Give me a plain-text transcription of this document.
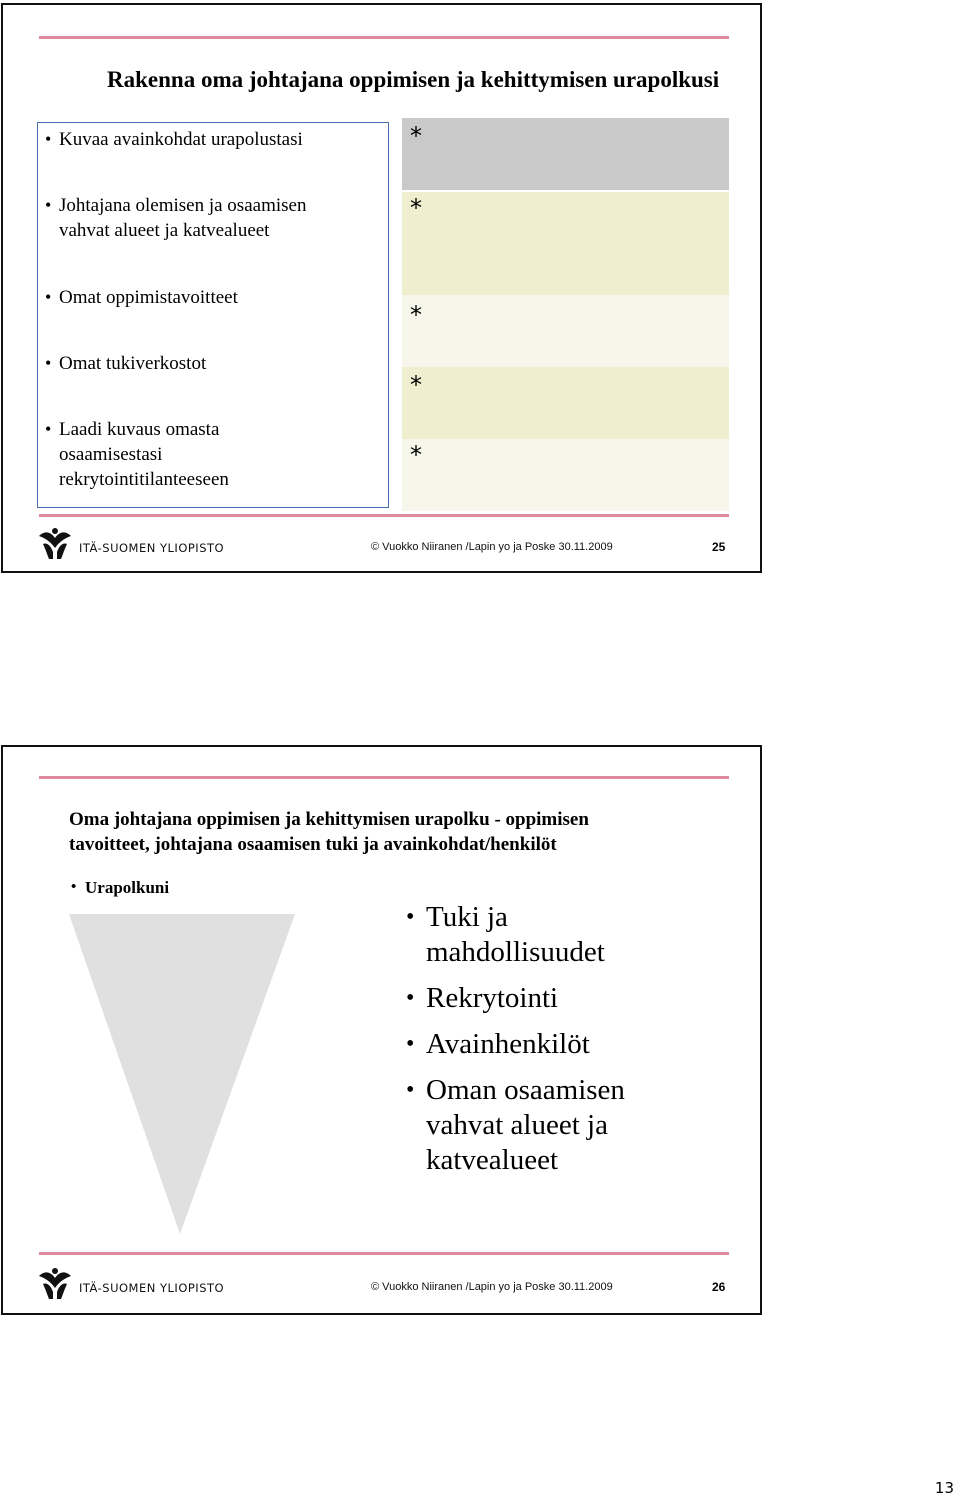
Rakenna oma johtajana oppimisen ja kehittymisen urapolkusi
*
*
*
*
*
• Kuvaa avainkohdat urapolustasi
• Johtajana olemisen ja osaamisen
vahvat alueet ja katvealueet
• Omat oppimistavoitteet
• Omat tukiverkostot
• Laadi kuvaus omasta
osaamisestasi
rekrytointitilanteeseen
ITÄ-SUOMEN YLIOPISTO	© Vuokko Niiranen /Lapin yo ja Poske 30.11.2009	25
Oma johtajana oppimisen ja kehittymisen urapolku - oppimisen
tavoitteet, johtajana osaamisen tuki ja avainkohdat/henkilöt
• Urapolkuni
ITÄ-SUOMEN YLIOPISTO	© Vuokko Niiranen /Lapin yo ja Poske 30.11.2009	26
• Tuki ja
mahdollisuudet
• Rekrytointi
• Avainhenkilöt
• Oman osaamisen
vahvat alueet ja
katvealueet
13
